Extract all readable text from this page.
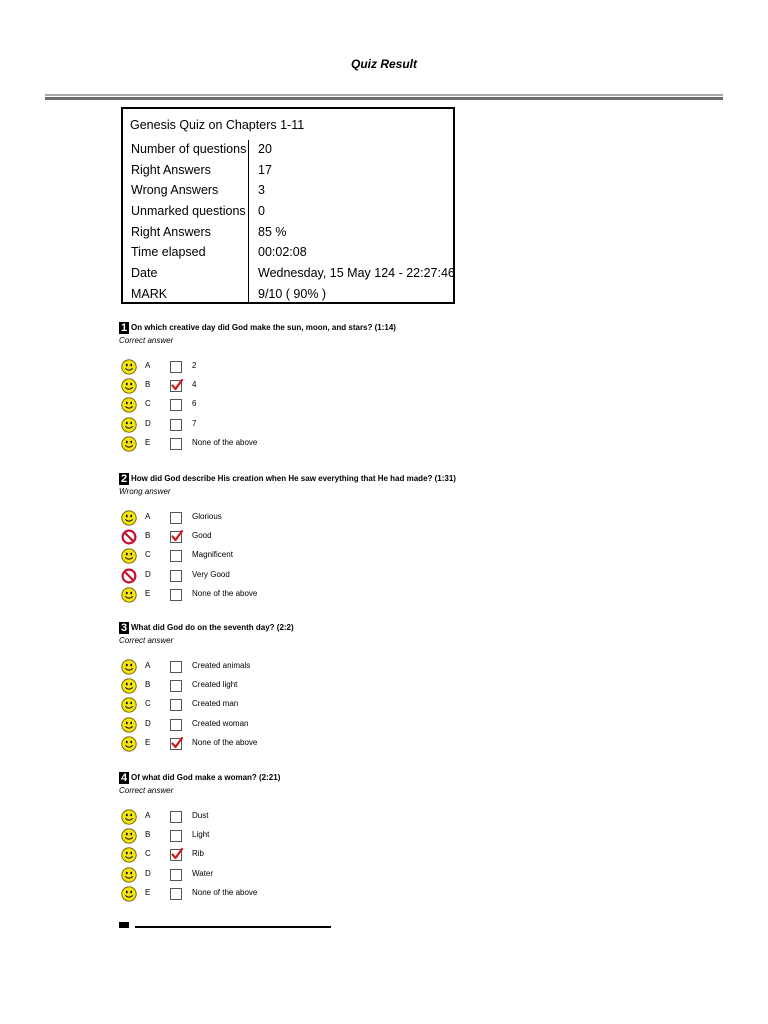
Quiz Result
Genesis Quiz on Chapters 1-11
Number of questions 20
Right Answers	17
Wrong Answers	3
Unmarked questions 0
Right Answers	85 %
Time elapsed	00:02:08
Date	Wednesday, 15 May 124 - 22:27:46
MARK	9/10 ( 90% )
1 On which creative day did God make the sun, moon, and stars? (1:14)
Correct answer
A	2
B	4
C	6
D	7
E	None of the above
2 How did God describe His creation when He saw everything that He had made? (1:31)
Wrong answer
A	Glorious
B	Good
C	Magnificent
D	Very Good
E	None of the above
3 What did God do on the seventh day? (2:2)
Correct answer
A	Created animals
B	Created light
C	Created man
D	Created woman
E	None of the above
4 Of what did God make a woman? (2:21)
Correct answer
A	Dust
B	Light
C	Rib
D	Water
E	None of the above
